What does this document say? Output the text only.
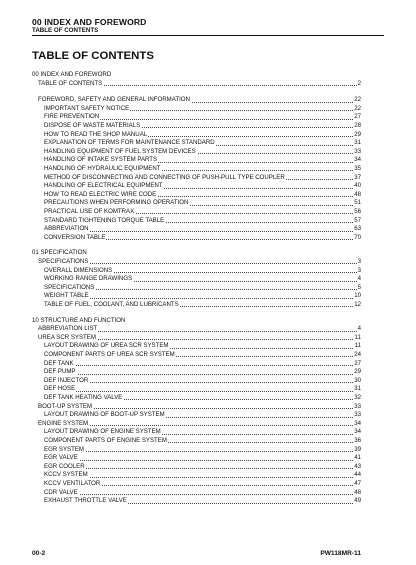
00 INDEX AND FOREWORD
TABLE OF CONTENTS
TABLE OF CONTENTS
00 INDEX AND FOREWORD
TABLE OF CONTENTS	2
FOREWORD, SAFETY AND GENERAL INFORMATION	22
IMPORTANT SAFETY NOTICE	22
FIRE PREVENTION	27
DISPOSE OF WASTE MATERIALS	28
HOW TO READ THE SHOP MANUAL	29
EXPLANATION OF TERMS FOR MAINTENANCE STANDARD	31
HANDLING EQUIPMENT OF FUEL SYSTEM DEVICES	33
HANDLING OF INTAKE SYSTEM PARTS	34
HANDLING OF HYDRAULIC EQUIPMENT	35
METHOD OF DISCONNECTING AND CONNECTING OF PUSH-PULL TYPE COUPLER	37
HANDLING OF ELECTRICAL EQUIPMENT	40
HOW TO READ ELECTRIC WIRE CODE	48
PRECAUTIONS WHEN PERFORMING OPERATION	51
PRACTICAL USE OF KOMTRAX	56
STANDARD TIGHTENING TORQUE TABLE	57
ABBREVIATION	63
CONVERSION TABLE	70
01 SPECIFICATION
SPECIFICATIONS	3
OVERALL DIMENSIONS	3
WORKING RANGE DRAWINGS	4
SPECIFICATIONS	5
WEIGHT TABLE	10
TABLE OF FUEL, COOLANT, AND LUBRICANTS	12
10 STRUCTURE AND FUNCTION
ABBREVIATION LIST	4
UREA SCR SYSTEM	11
LAYOUT DRAWING OF UREA SCR SYSTEM	11
COMPONENT PARTS OF UREA SCR SYSTEM	24
DEF TANK	27
DEF PUMP	29
DEF INJECTOR	30
DEF HOSE	31
DEF TANK HEATING VALVE	32
BOOT-UP SYSTEM	33
LAYOUT DRAWING OF BOOT-UP SYSTEM	33
ENGINE SYSTEM	34
LAYOUT DRAWING OF ENGINE SYSTEM	34
COMPONENT PARTS OF ENGINE SYSTEM	36
EGR SYSTEM	39
EGR VALVE	41
EGR COOLER	43
KCCV SYSTEM	44
KCCV VENTILATOR	47
CDR VALVE	48
EXHAUST THROTTLE VALVE	49
00-2	PW118MR-11
